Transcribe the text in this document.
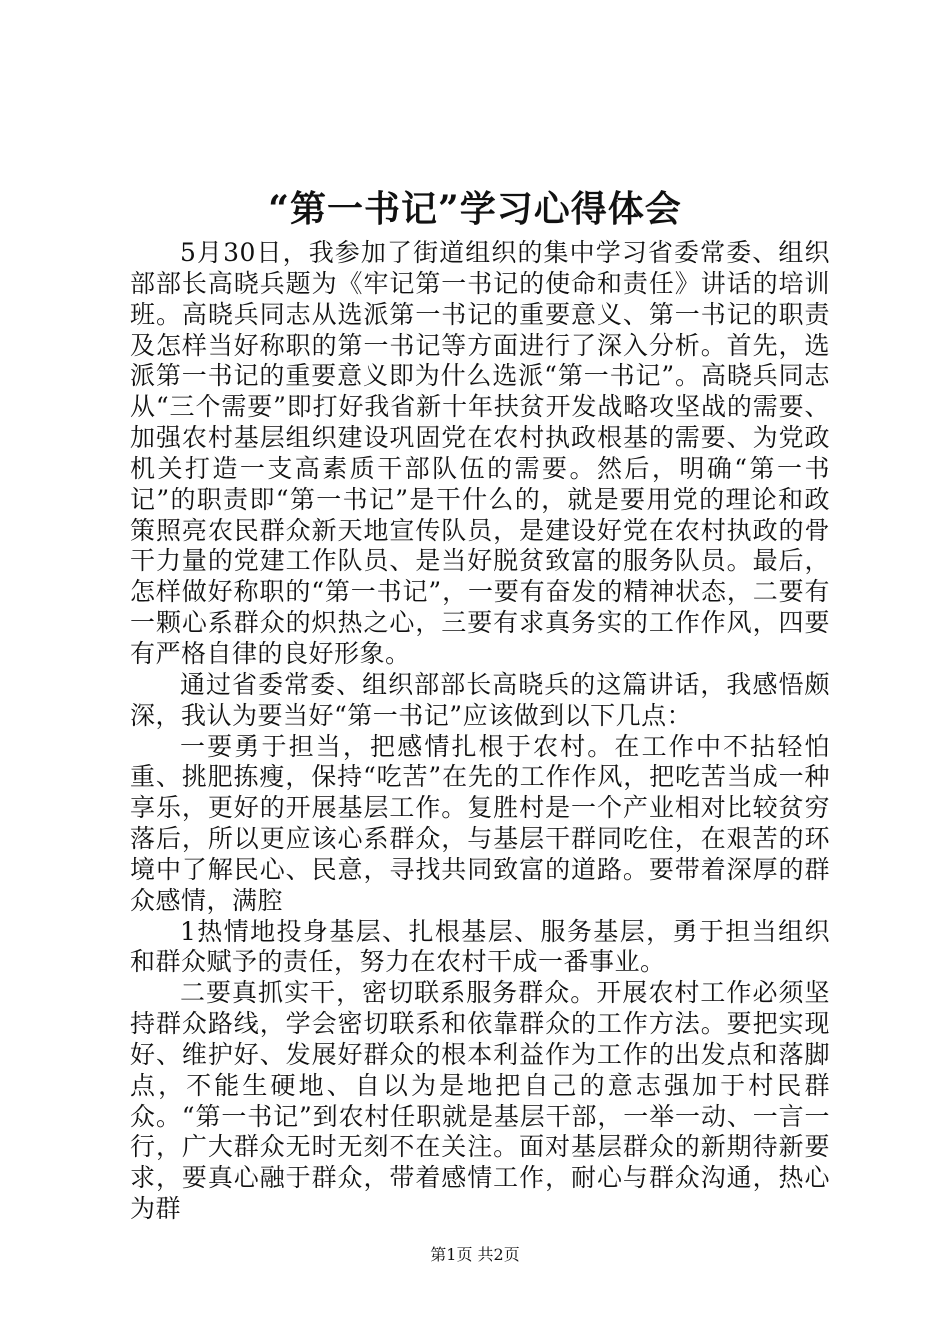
“第一书记”学习心得体会

5月30日，我参加了街道组织的集中学习省委常委、组织部部长高晓兵题为《牢记第一书记的使命和责任》讲话的培训班。高晓兵同志从选派第一书记的重要意义、第一书记的职责及怎样当好称职的第一书记等方面进行了深入分析。首先，选派第一书记的重要意义即为什么选派“第一书记”。高晓兵同志从“三个需要”即打好我省新十年扶贫开发战略攻坚战的需要、加强农村基层组织建设巩固党在农村执政根基的需要、为党政机关打造一支高素质干部队伍的需要。然后，明确“第一书记”的职责即“第一书记”是干什么的，就是要用党的理论和政策照亮农民群众新天地宣传队员，是建设好党在农村执政的骨干力量的党建工作队员、是当好脱贫致富的服务队员。最后，怎样做好称职的“第一书记”，一要有奋发的精神状态，二要有一颗心系群众的炽热之心，三要有求真务实的工作作风，四要有严格自律的良好形象。

通过省委常委、组织部部长高晓兵的这篇讲话，我感悟颇深，我认为要当好“第一书记”应该做到以下几点：

一要勇于担当，把感情扎根于农村。在工作中不拈轻怕重、挑肥拣瘦，保持“吃苦”在先的工作作风，把吃苦当成一种享乐，更好的开展基层工作。复胜村是一个产业相对比较贫穷落后，所以更应该心系群众，与基层干群同吃住，在艰苦的环境中了解民心、民意，寻找共同致富的道路。要带着深厚的群众感情，满腔

1热情地投身基层、扎根基层、服务基层，勇于担当组织和群众赋予的责任，努力在农村干成一番事业。

二要真抓实干，密切联系服务群众。开展农村工作必须坚持群众路线，学会密切联系和依靠群众的工作方法。要把实现好、维护好、发展好群众的根本利益作为工作的出发点和落脚点，不能生硬地、自以为是地把自己的意志强加于村民群众。“第一书记”到农村任职就是基层干部，一举一动、一言一行，广大群众无时无刻不在关注。面对基层群众的新期待新要求，要真心融于群众，带着感情工作，耐心与群众沟通，热心为群

第1页 共2页
